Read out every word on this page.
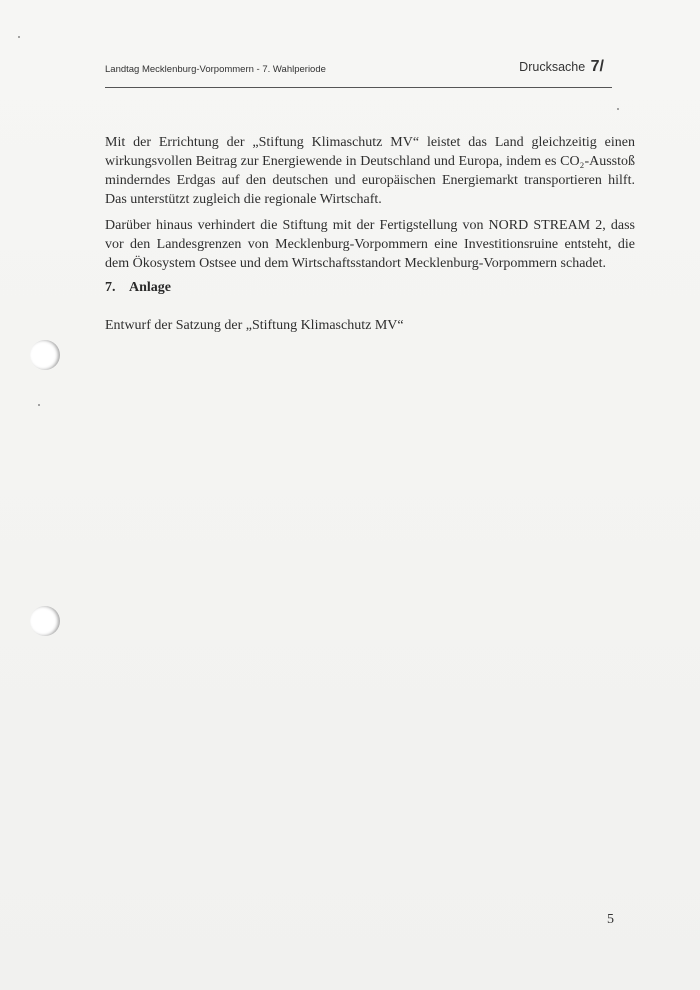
Landtag Mecklenburg-Vorpommern - 7. Wahlperiode	Drucksache 7/

Mit der Errichtung der „Stiftung Klimaschutz MV“ leistet das Land gleichzeitig einen wirkungsvollen Beitrag zur Energiewende in Deutschland und Europa, indem es CO₂-Ausstoß minderndes Erdgas auf den deutschen und europäischen Energiemarkt transportieren hilft. Das unterstützt zugleich die regionale Wirtschaft.

Darüber hinaus verhindert die Stiftung mit der Fertigstellung von NORD STREAM 2, dass vor den Landesgrenzen von Mecklenburg-Vorpommern eine Investitionsruine entsteht, die dem Ökosystem Ostsee und dem Wirtschaftsstandort Mecklenburg-Vorpommern schadet.

7. Anlage

Entwurf der Satzung der „Stiftung Klimaschutz MV“

5
